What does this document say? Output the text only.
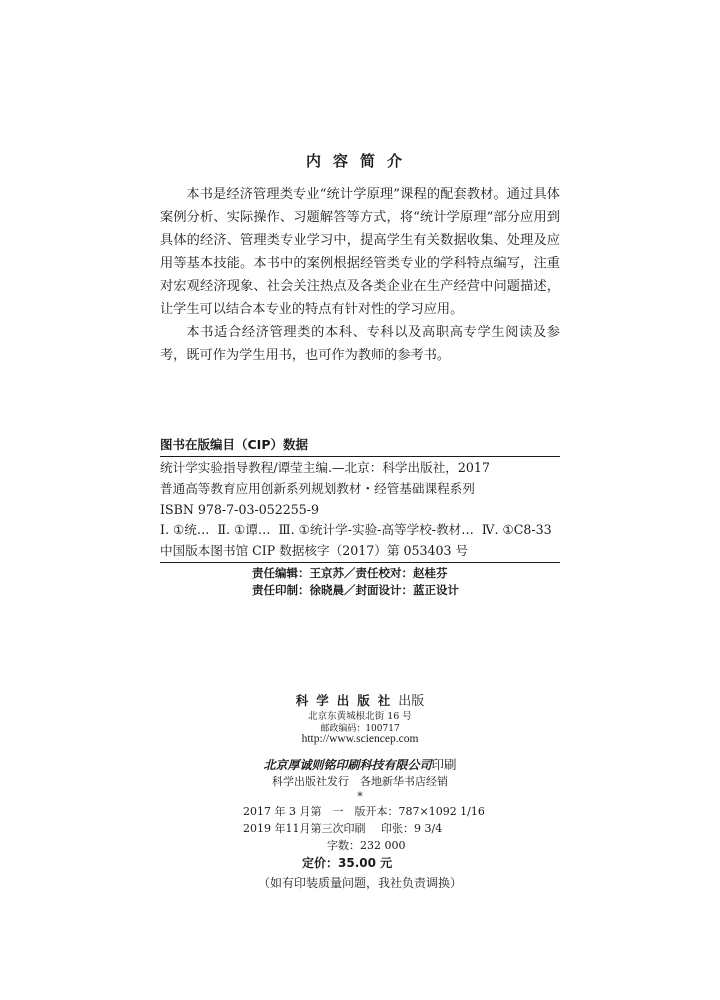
内容简介

本书是经济管理类专业“统计学原理”课程的配套教材。通过具体案例分析、实际操作、习题解答等方式，将“统计学原理”部分应用到具体的经济、管理类专业学习中，提高学生有关数据收集、处理及应用等基本技能。本书中的案例根据经管类专业的学科特点编写，注重对宏观经济现象、社会关注热点及各类企业在生产经营中问题描述，让学生可以结合本专业的特点有针对性的学习应用。

本书适合经济管理类的本科、专科以及高职高专学生阅读及参考，既可作为学生用书，也可作为教师的参考书。

图书在版编目（CIP）数据
统计学实验指导教程/谭莹主编.—北京：科学出版社，2017
普通高等教育应用创新系列规划教材・经管基础课程系列
ISBN 978-7-03-052255-9
Ⅰ. ①统… Ⅱ. ①谭… Ⅲ. ①统计学-实验-高等学校-教材… Ⅳ. ①C8-33
中国版本图书馆 CIP 数据核字（2017）第 053403 号
责任编辑：王京苏／责任校对：赵桂芬
责任印制：徐晓晨／封面设计：蓝正设计
科学出版社出版
北京东黄城根北街 16 号
邮政编码：100717
http://www.sciencep.com
北京厚诚则铭印刷科技有限公司印刷
科学出版社发行　各地新华书店经销
*
2017 年 3 月第　一　版 开本：787×1092 1/16
2019 年11月第三次印刷	印张：9 3/4
字数：232 000
定价：35.00 元
（如有印装质量问题，我社负责调换）
